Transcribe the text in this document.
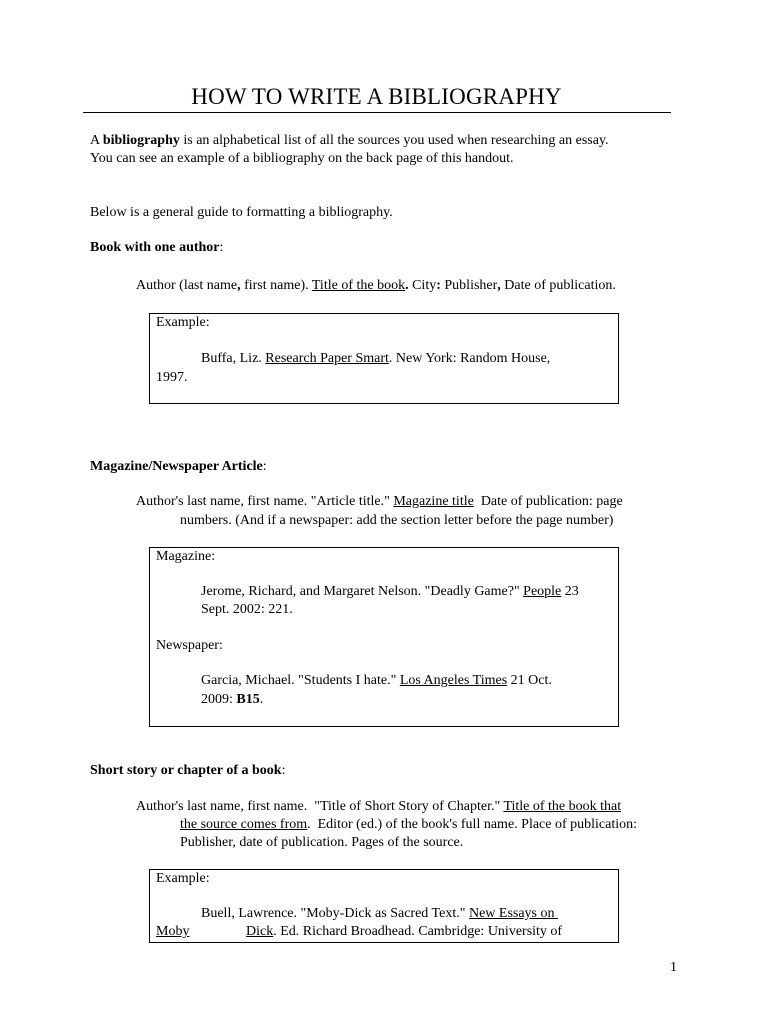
HOW TO WRITE A BIBLIOGRAPHY
A bibliography is an alphabetical list of all the sources you used when researching an essay.
You can see an example of a bibliography on the back page of this handout.
Below is a general guide to formatting a bibliography.
Book with one author:
Author (last name, first name). Title of the book. City: Publisher, Date of publication.
Example:
Buffa, Liz. Research Paper Smart. New York: Random House,
1997.
Magazine/Newspaper Article:
Author's last name, first name. "Article title." Magazine title  Date of publication: page
numbers. (And if a newspaper: add the section letter before the page number)
Magazine:
Jerome, Richard, and Margaret Nelson. "Deadly Game?" People 23
Sept. 2002: 221.
Newspaper:
Garcia, Michael. "Students I hate." Los Angeles Times 21 Oct.
2009: B15.
Short story or chapter of a book:
Author's last name, first name.  "Title of Short Story of Chapter." Title of the book that
the source comes from.  Editor (ed.) of the book's full name. Place of publication:
Publisher, date of publication. Pages of the source.
Example:
Buell, Lawrence. "Moby-Dick as Sacred Text." New Essays on
Moby	Dick. Ed. Richard Broadhead. Cambridge: University of
1
